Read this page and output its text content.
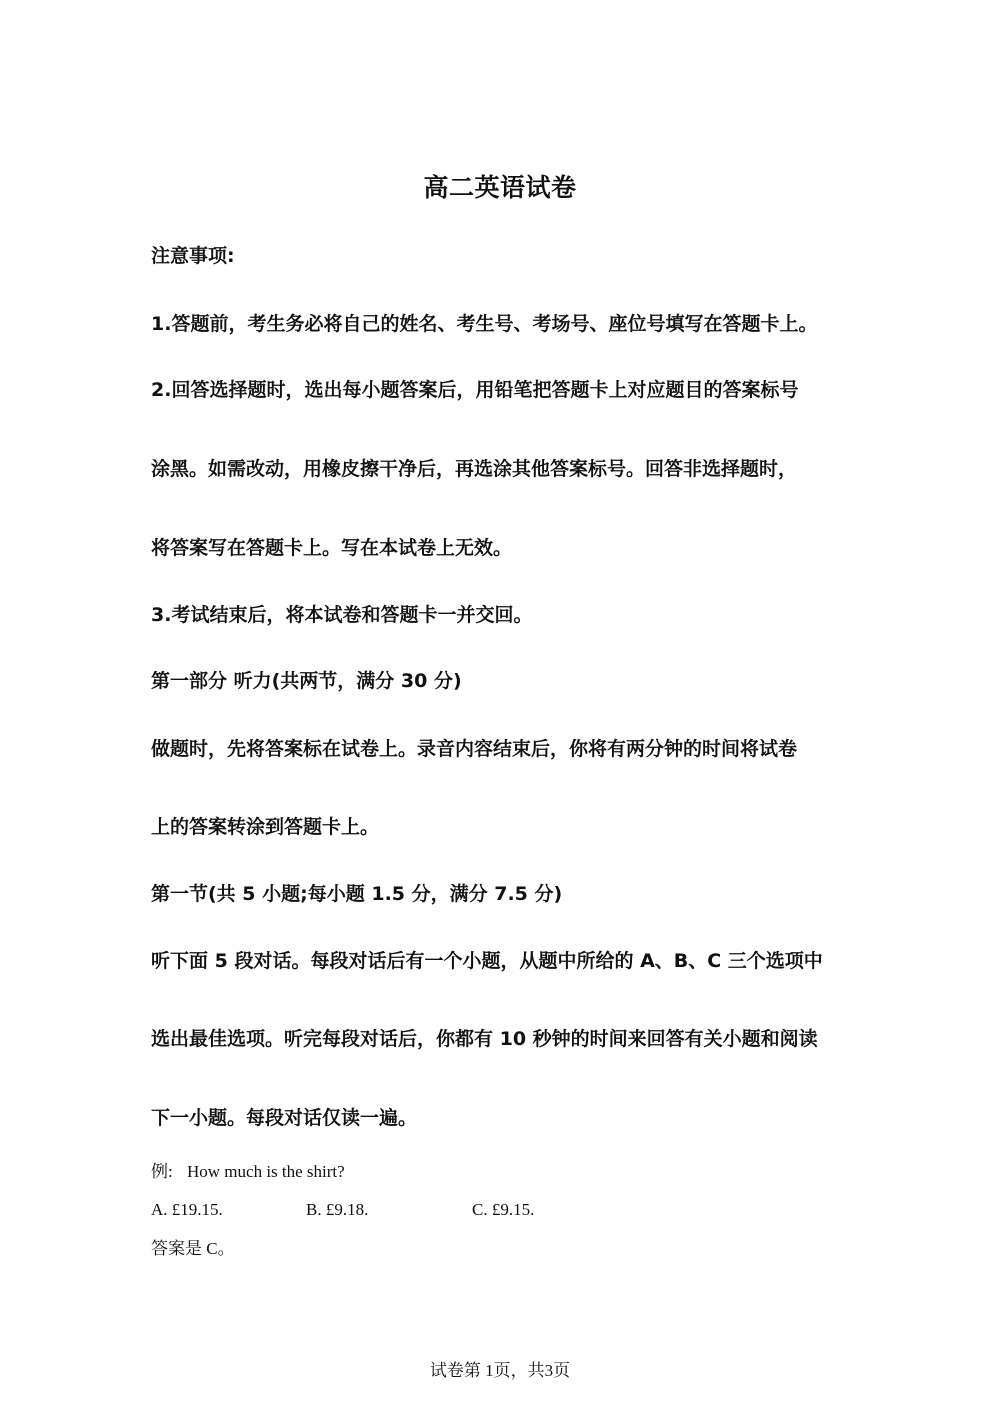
高二英语试卷
注意事项:
1.答题前，考生务必将自己的姓名、考生号、考场号、座位号填写在答题卡上。
2.回答选择题时，选出每小题答案后，用铅笔把答题卡上对应题目的答案标号
涂黑。如需改动，用橡皮擦干净后，再选涂其他答案标号。回答非选择题时，
将答案写在答题卡上。写在本试卷上无效。
3.考试结束后，将本试卷和答题卡一并交回。
第一部分 听力(共两节，满分 30 分)
做题时，先将答案标在试卷上。录音内容结束后，你将有两分钟的时间将试卷
上的答案转涂到答题卡上。
第一节(共 5 小题;每小题 1.5 分，满分 7.5 分)
听下面 5 段对话。每段对话后有一个小题，从题中所给的 A、B、C 三个选项中
选出最佳选项。听完每段对话后，你都有 10 秒钟的时间来回答有关小题和阅读
下一小题。每段对话仅读一遍。
例: How much is the shirt?
A. £19.15.	B. £9.18.	C. £9.15.
答案是 C。
试卷第 1页，共3页
